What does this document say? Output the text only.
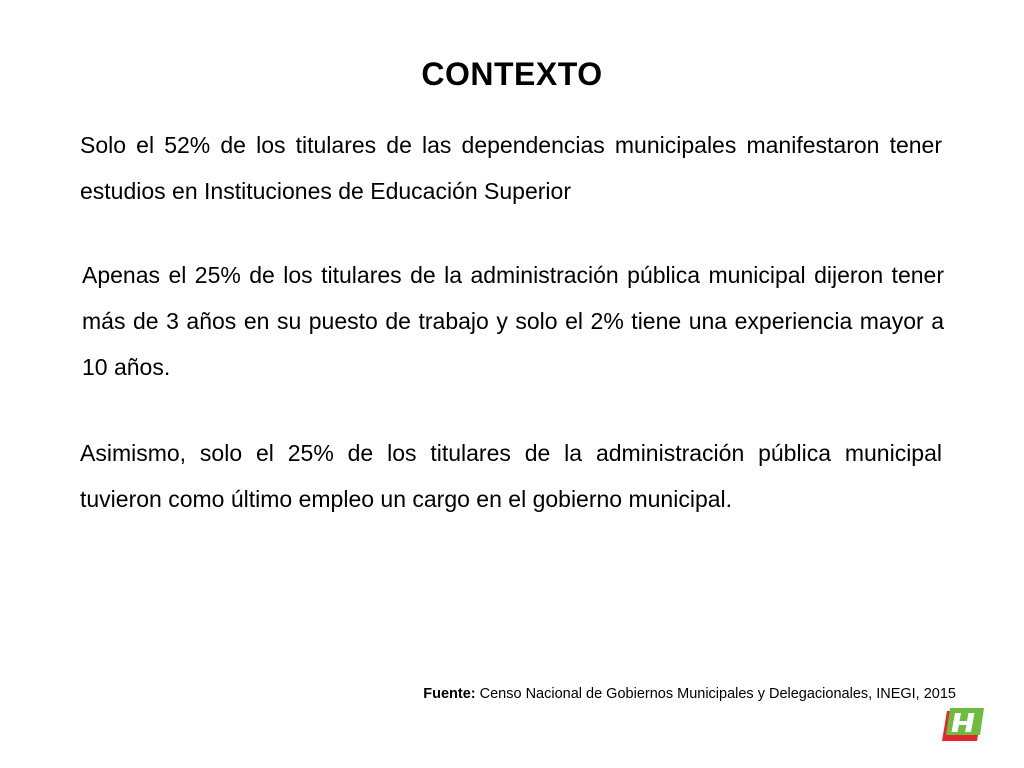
CONTEXTO

Solo el 52% de los titulares de las dependencias municipales manifestaron tener estudios en Instituciones de Educación Superior

Apenas el 25% de los titulares de la administración pública municipal dijeron tener más de 3 años en su puesto de trabajo y solo el 2% tiene una experiencia mayor a 10 años.

Asimismo, solo el 25% de los titulares de la administración pública municipal tuvieron como último empleo un cargo en el gobierno municipal.

Fuente: Censo Nacional de Gobiernos Municipales y Delegacionales, INEGI, 2015
